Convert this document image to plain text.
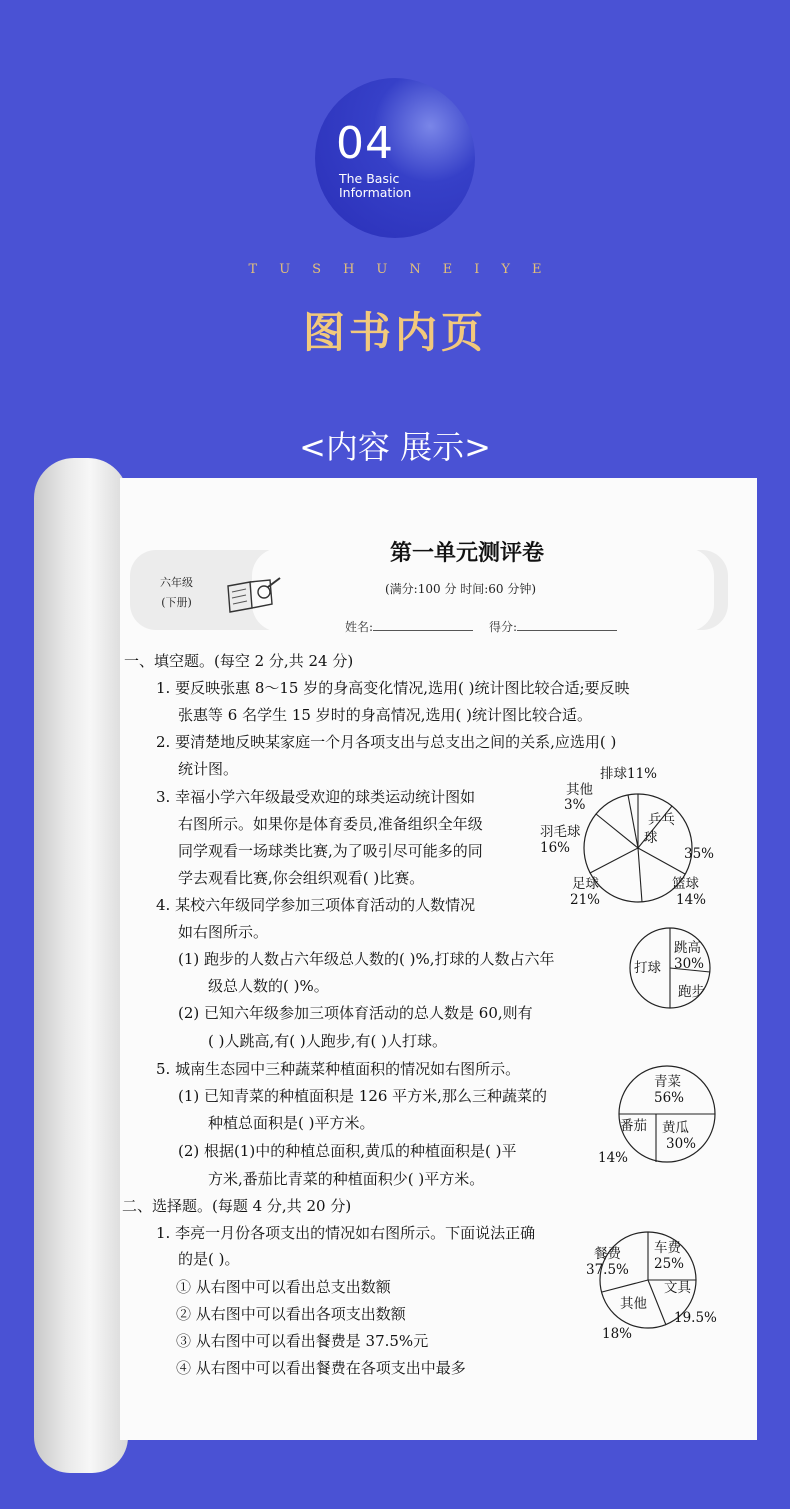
04
The Basic
Information
TUSHUNEIYE
图书内页
<内容 展示>
六年级
(下册)
第一单元测评卷
(满分:100 分 时间:60 分钟)
姓名:	得分:
一、填空题。(每空 2 分,共 24 分)
1. 要反映张惠 8～15 岁的身高变化情况,选用( )统计图比较合适;要反映
张惠等 6 名学生 15 岁时的身高情况,选用( )统计图比较合适。
2. 要清楚地反映某家庭一个月各项支出与总支出之间的关系,应选用( )
统计图。
3. 幸福小学六年级最受欢迎的球类运动统计图如
右图所示。如果你是体育委员,准备组织全年级
同学观看一场球类比赛,为了吸引尽可能多的同
学去观看比赛,你会组织观看( )比赛。
4. 某校六年级同学参加三项体育活动的人数情况
如右图所示。
(1) 跑步的人数占六年级总人数的( )%,打球的人数占六年
级总人数的( )%。
(2) 已知六年级参加三项体育活动的总人数是 60,则有
( )人跳高,有( )人跑步,有( )人打球。
5. 城南生态园中三种蔬菜种植面积的情况如右图所示。
(1) 已知青菜的种植面积是 126 平方米,那么三种蔬菜的
种植总面积是( )平方米。
(2) 根据(1)中的种植总面积,黄瓜的种植面积是( )平
方米,番茄比青菜的种植面积少( )平方米。
二、选择题。(每题 4 分,共 20 分)
1. 李亮一月份各项支出的情况如右图所示。下面说法正确
的是( )。
① 从右图中可以看出总支出数额
② 从右图中可以看出各项支出数额
③ 从右图中可以看出餐费是 37.5%元
④ 从右图中可以看出餐费在各项支出中最多
排球11%
其他
3%
乒乓
球
羽毛球
16%	35%
足球
21%
篮球
14%
跳高
30%
打球
跑步
青菜
56%
番茄 黄瓜
30%
14%
车费
25%
餐费
37.5%
文具
其他
18%
19.5%
